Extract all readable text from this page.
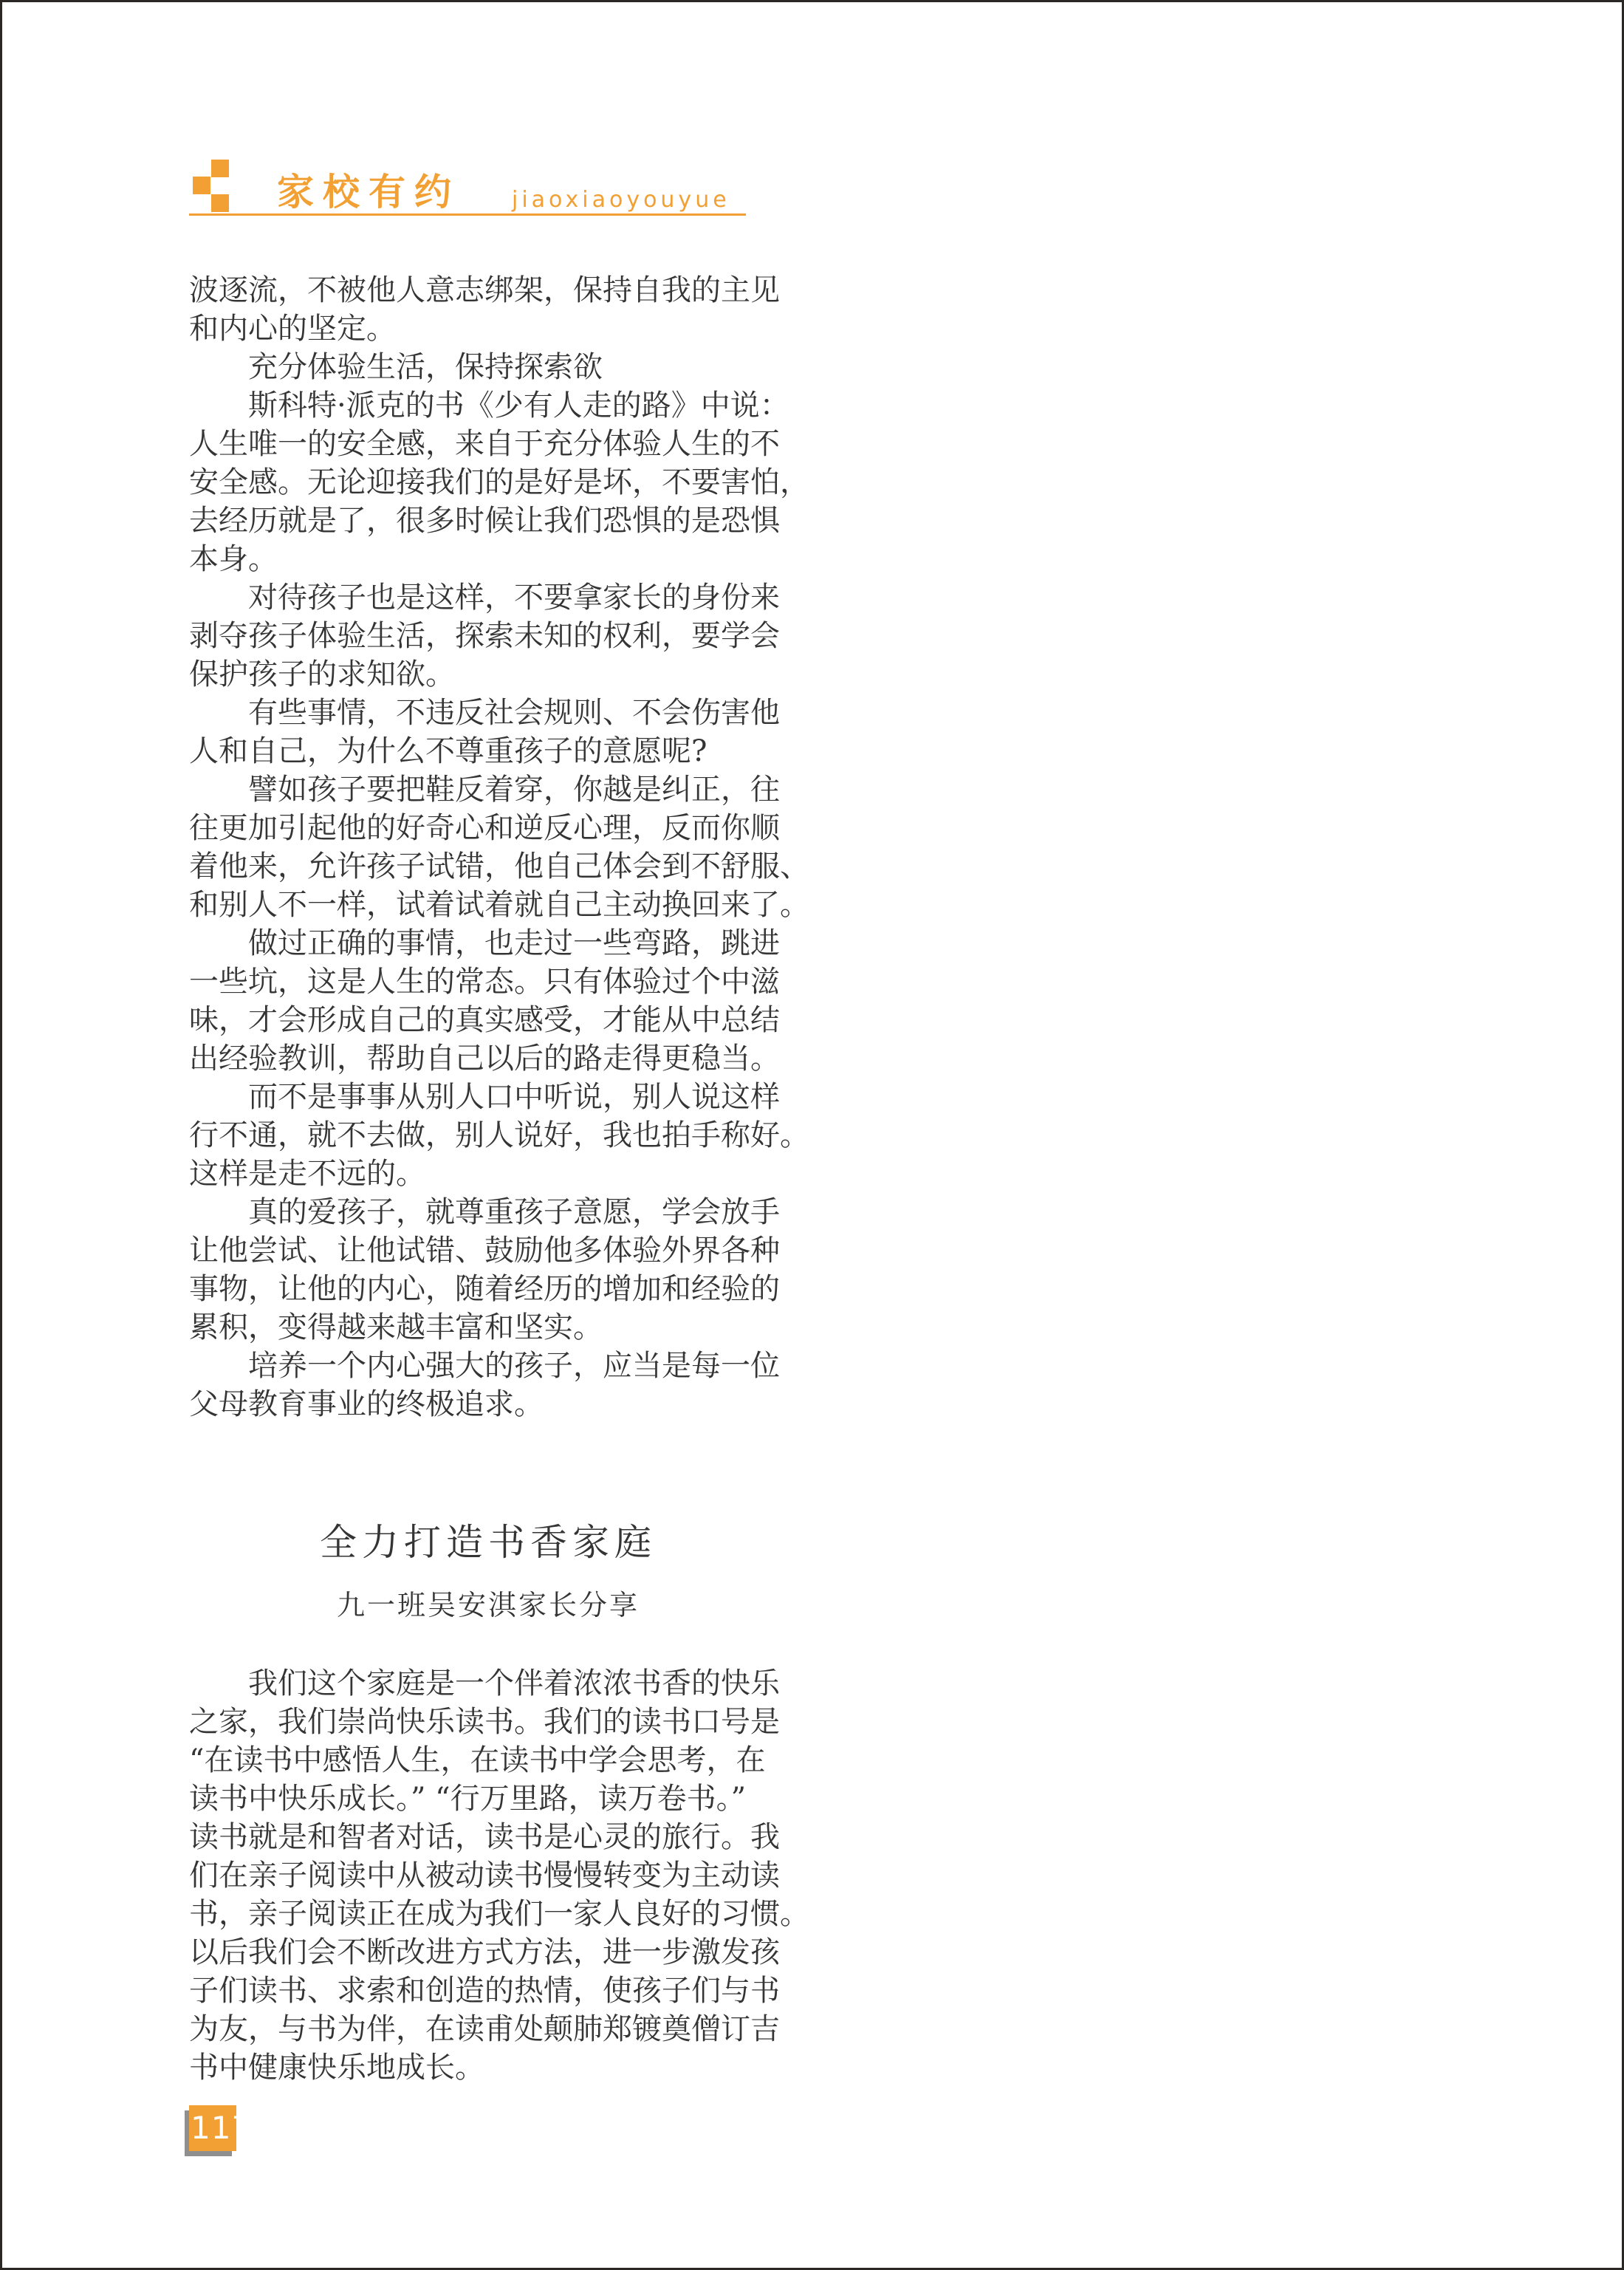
家校有约 jiaoxiaoyouyue
波逐流，不被他人意志绑架，保持自我的主见
和内心的坚定。
　　充分体验生活，保持探索欲
　　斯科特·派克的书《少有人走的路》中说：
人生唯一的安全感，来自于充分体验人生的不
安全感。无论迎接我们的是好是坏，不要害怕，
去经历就是了，很多时候让我们恐惧的是恐惧
本身。
　　对待孩子也是这样，不要拿家长的身份来
剥夺孩子体验生活，探索未知的权利，要学会
保护孩子的求知欲。
　　有些事情，不违反社会规则、不会伤害他
人和自己，为什么不尊重孩子的意愿呢?
　　譬如孩子要把鞋反着穿，你越是纠正，往
往更加引起他的好奇心和逆反心理，反而你顺
着他来，允许孩子试错，他自己体会到不舒服、
和别人不一样，试着试着就自己主动换回来了。
　　做过正确的事情，也走过一些弯路，跳进
一些坑，这是人生的常态。只有体验过个中滋
味，才会形成自己的真实感受，才能从中总结
出经验教训，帮助自己以后的路走得更稳当。
　　而不是事事从别人口中听说，别人说这样
行不通，就不去做，别人说好，我也拍手称好。
这样是走不远的。
　　真的爱孩子，就尊重孩子意愿，学会放手
让他尝试、让他试错、鼓励他多体验外界各种
事物，让他的内心，随着经历的增加和经验的
累积，变得越来越丰富和坚实。
　　培养一个内心强大的孩子，应当是每一位
父母教育事业的终极追求。
全力打造书香家庭
九一班吴安淇家长分享
　　我们这个家庭是一个伴着浓浓书香的快乐
之家，我们崇尚快乐读书。我们的读书口号是
“在读书中感悟人生，在读书中学会思考，在
读书中快乐成长。” “行万里路，读万卷书。”
读书就是和智者对话，读书是心灵的旅行。我
们在亲子阅读中从被动读书慢慢转变为主动读
书，亲子阅读正在成为我们一家人良好的习惯。
以后我们会不断改进方式方法，进一步激发孩
子们读书、求索和创造的热情，使孩子们与书
为友，与书为伴，在读甫处颠肺郑镀奠僧订吉
书中健康快乐地成长。
117
